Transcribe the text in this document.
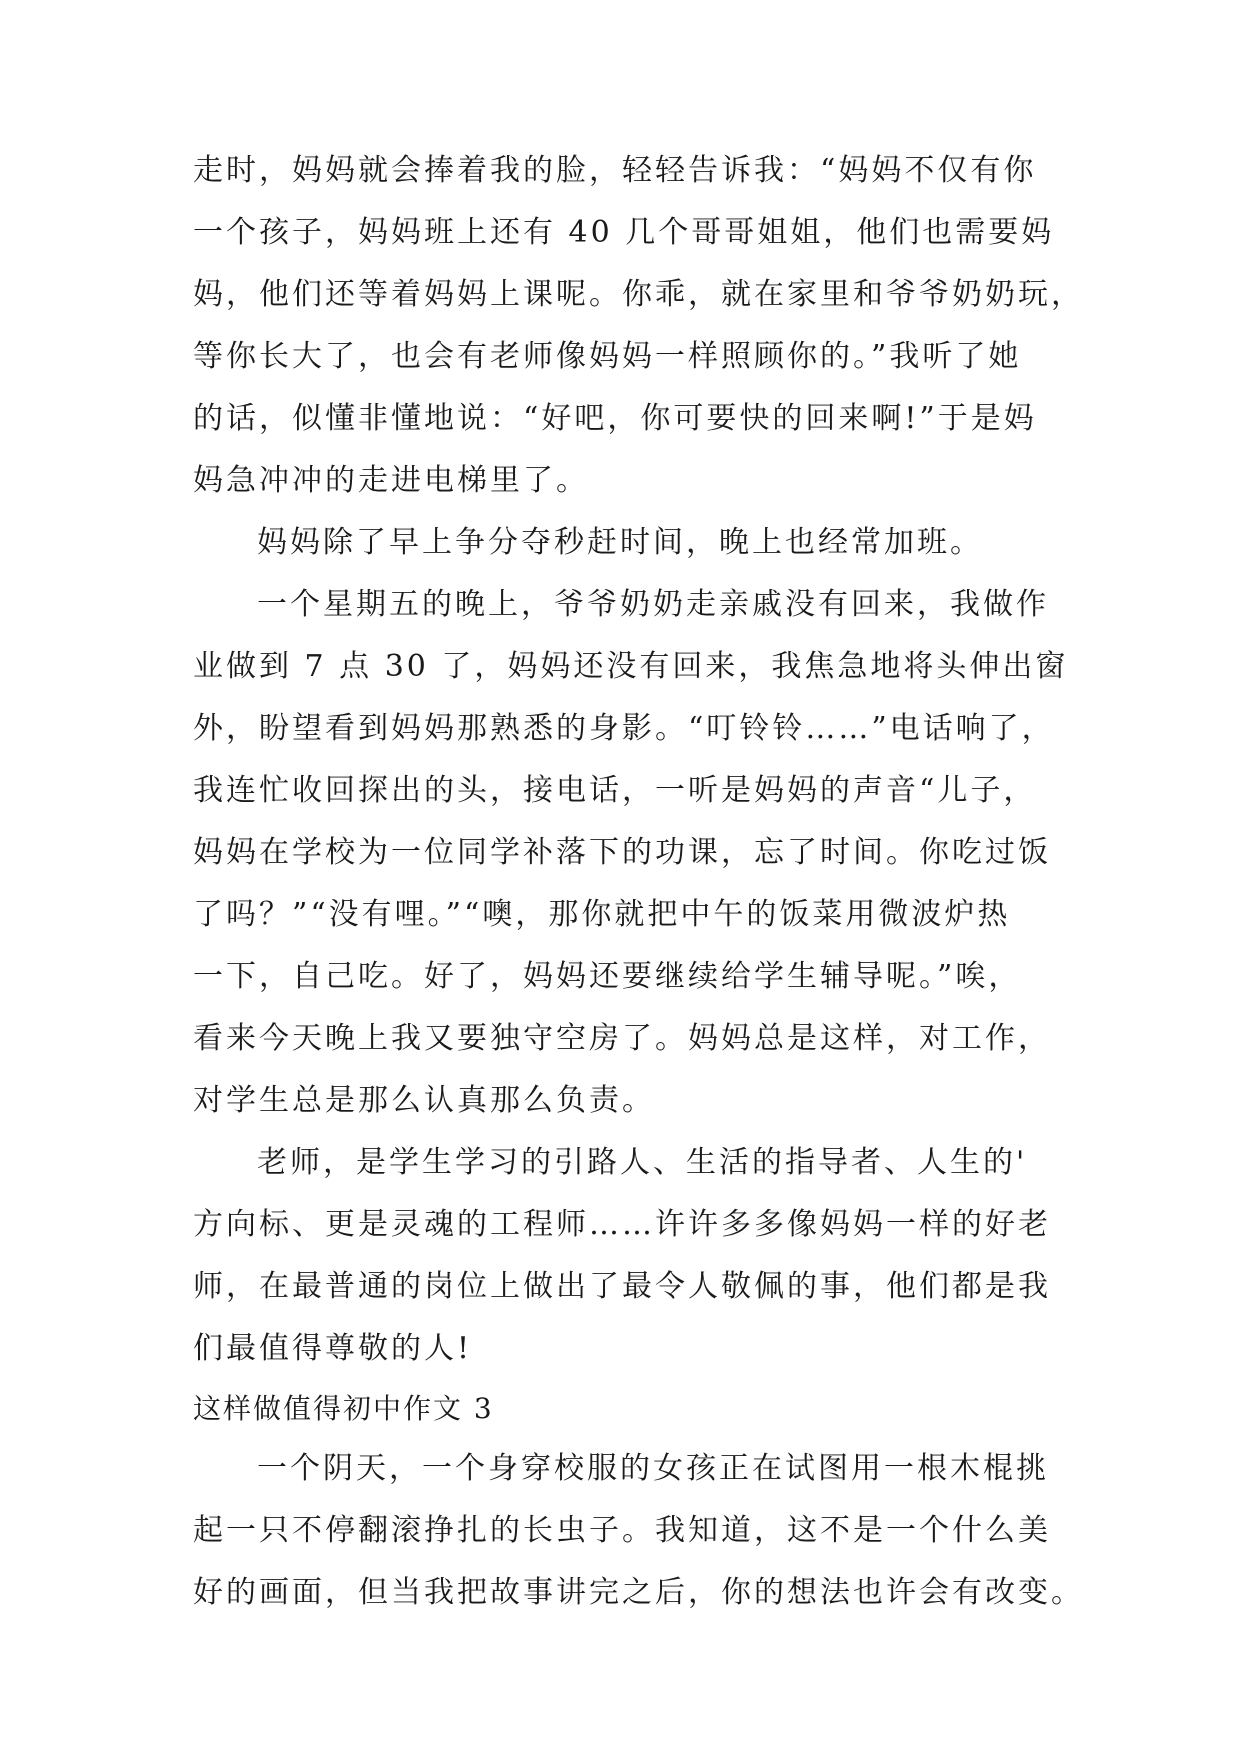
走时，妈妈就会捧着我的脸，轻轻告诉我：“妈妈不仅有你
一个孩子，妈妈班上还有 40 几个哥哥姐姐，他们也需要妈
妈，他们还等着妈妈上课呢。你乖，就在家里和爷爷奶奶玩，
等你长大了，也会有老师像妈妈一样照顾你的。”我听了她
的话，似懂非懂地说：“好吧，你可要快的回来啊!”于是妈
妈急冲冲的走进电梯里了。
妈妈除了早上争分夺秒赶时间，晚上也经常加班。
一个星期五的晚上，爷爷奶奶走亲戚没有回来，我做作
业做到 7 点 30 了，妈妈还没有回来，我焦急地将头伸出窗
外，盼望看到妈妈那熟悉的身影。“叮铃铃……”电话响了，
我连忙收回探出的头，接电话，一听是妈妈的声音“儿子，
妈妈在学校为一位同学补落下的功课，忘了时间。你吃过饭
了吗？”“没有哩。”“噢，那你就把中午的饭菜用微波炉热
一下，自己吃。好了，妈妈还要继续给学生辅导呢。”唉，
看来今天晚上我又要独守空房了。妈妈总是这样，对工作，
对学生总是那么认真那么负责。
老师，是学生学习的引路人、生活的指导者、人生的'
方向标、更是灵魂的工程师……许许多多像妈妈一样的好老
师，在最普通的岗位上做出了最令人敬佩的事，他们都是我
们最值得尊敬的人!
这样做值得初中作文 3
一个阴天，一个身穿校服的女孩正在试图用一根木棍挑
起一只不停翻滚挣扎的长虫子。我知道，这不是一个什么美
好的画面，但当我把故事讲完之后，你的想法也许会有改变。
